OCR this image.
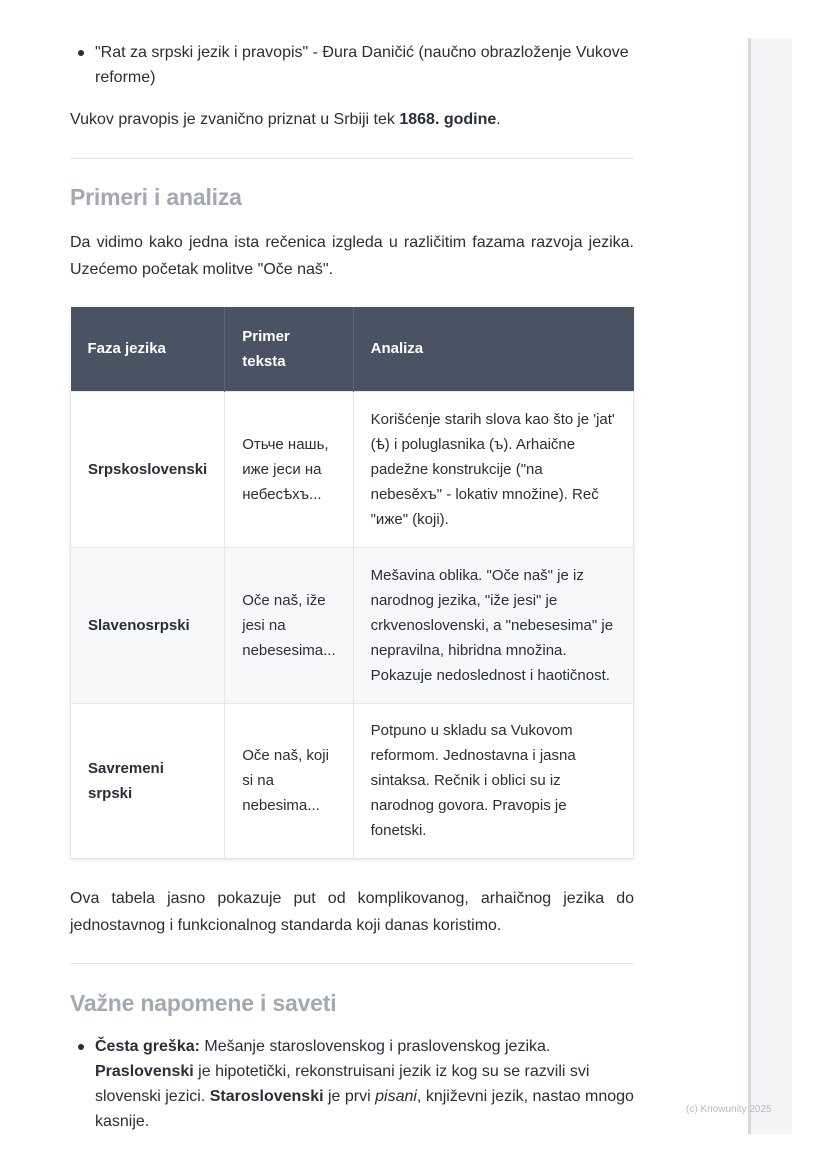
(c) Knowunity 2025
"Rat za srpski jezik i pravopis" - Đura Daničić (naučno obrazloženje Vukove reforme)

Vukov pravopis je zvanično priznat u Srbiji tek 1868. godine.

Primeri i analiza

Da vidimo kako jedna ista rečenica izgleda u različitim fazama razvoja jezika. Uzećemo početak molitve "Oče naš".

Faza jezika	Primer teksta	Analiza
Srpskoslovenski	Отьче нашь, иже јеси на небесѣхъ...	Korišćenje starih slova kao što je 'jat' (ѣ) i poluglasnika (ъ). Arhaične padežne konstrukcije ("na nebesěxъ" - lokativ množine). Reč "иже" (koji).
Slavenosrpski	Oče naš, iže jesi na nebesesima...	Mešavina oblika. "Oče naš" je iz narodnog jezika, "iže jesi" je crkvenoslovenski, a "nebesesima" je nepravilna, hibridna množina. Pokazuje nedoslednost i haotičnost.
Savremeni srpski	Oče naš, koji si na nebesima...	Potpuno u skladu sa Vukovom reformom. Jednostavna i jasna sintaksa. Rečnik i oblici su iz narodnog govora. Pravopis je fonetski.

Ova tabela jasno pokazuje put od komplikovanog, arhaičnog jezika do jednostavnog i funkcionalnog standarda koji danas koristimo.

Važne napomene i saveti
Česta greška: Mešanje staroslovenskog i praslovenskog jezika. Praslovenski je hipotetički, rekonstruisani jezik iz kog su se razvili svi slovenski jezici. Staroslovenski je prvi pisani, književni jezik, nastao mnogo kasnije.
